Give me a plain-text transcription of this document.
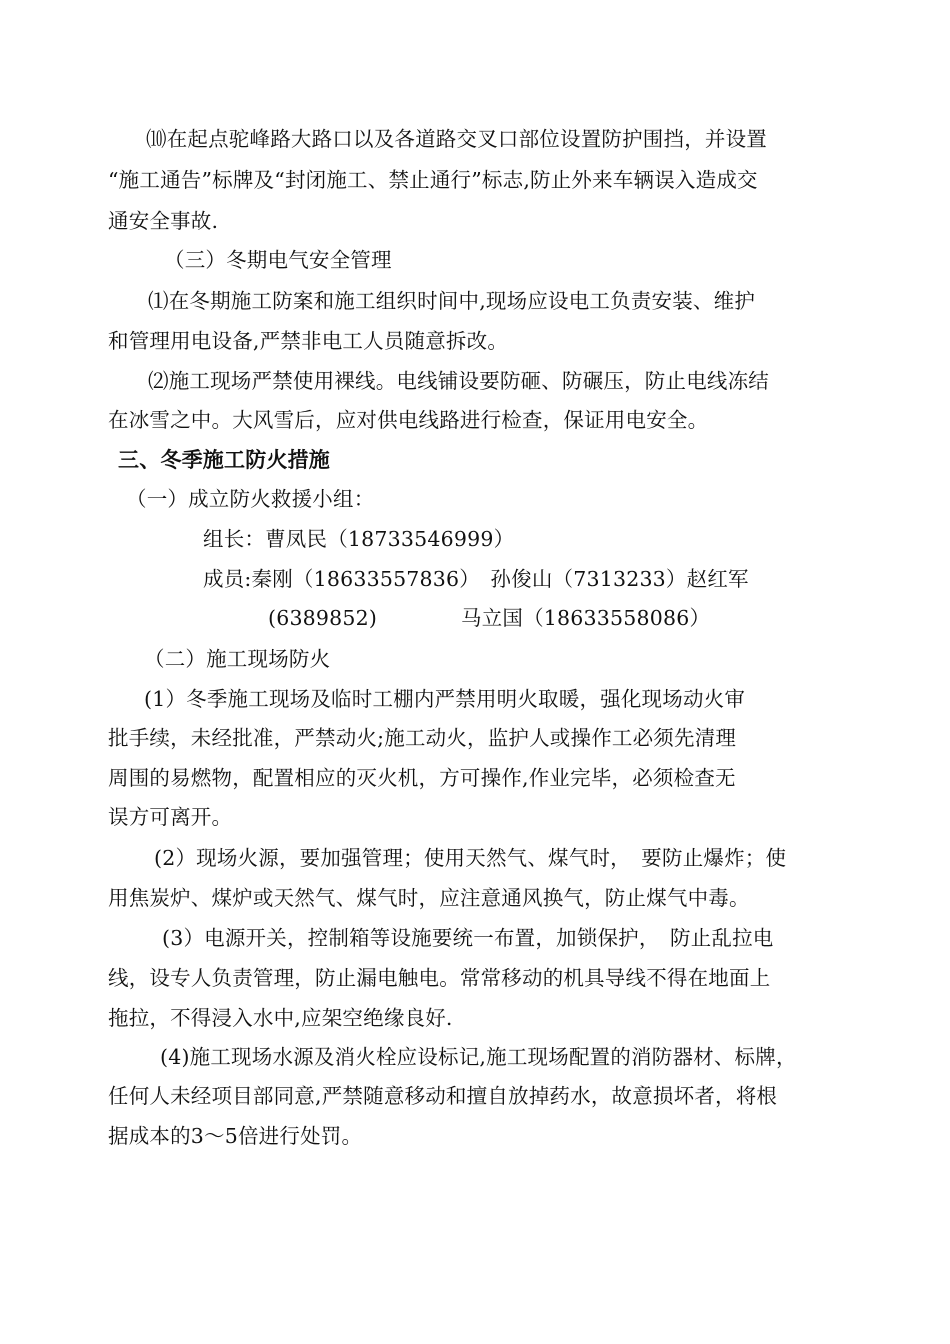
⑽在起点驼峰路大路口以及各道路交叉口部位设置防护围挡，并设置
“施工通告”标牌及“封闭施工、禁止通行”标志,防止外来车辆误入造成交
通安全事故.
（三）冬期电气安全管理
⑴在冬期施工防案和施工组织时间中,现场应设电工负责安装、维护
和管理用电设备,严禁非电工人员随意拆改。
⑵施工现场严禁使用裸线。电线铺设要防砸、防碾压，防止电线冻结
在冰雪之中。大风雪后，应对供电线路进行检查，保证用电安全。
三、冬季施工防火措施
（一）成立防火救援小组：
组长：曹凤民（18733546999）
成员:秦刚（18633557836）　孙俊山（7313233）赵红军
(6389852)	马立国（18633558086）
（二）施工现场防火
(1）冬季施工现场及临时工棚内严禁用明火取暖，强化现场动火审
批手续，未经批准，严禁动火;施工动火，监护人或操作工必须先清理
周围的易燃物，配置相应的灭火机，方可操作,作业完毕，必须检查无
误方可离开。
(2）现场火源，要加强管理；使用天然气、煤气时，　要防止爆炸；使
用焦炭炉、煤炉或天然气、煤气时，应注意通风换气，防止煤气中毒。
(3）电源开关，控制箱等设施要统一布置，加锁保护，　防止乱拉电
线，设专人负责管理，防止漏电触电。常常移动的机具导线不得在地面上
拖拉，不得浸入水中,应架空绝缘良好.
(4)施工现场水源及消火栓应设标记,施工现场配置的消防器材、标牌，
任何人未经项目部同意,严禁随意移动和擅自放掉药水，故意损坏者，将根
据成本的3～5倍进行处罚。
